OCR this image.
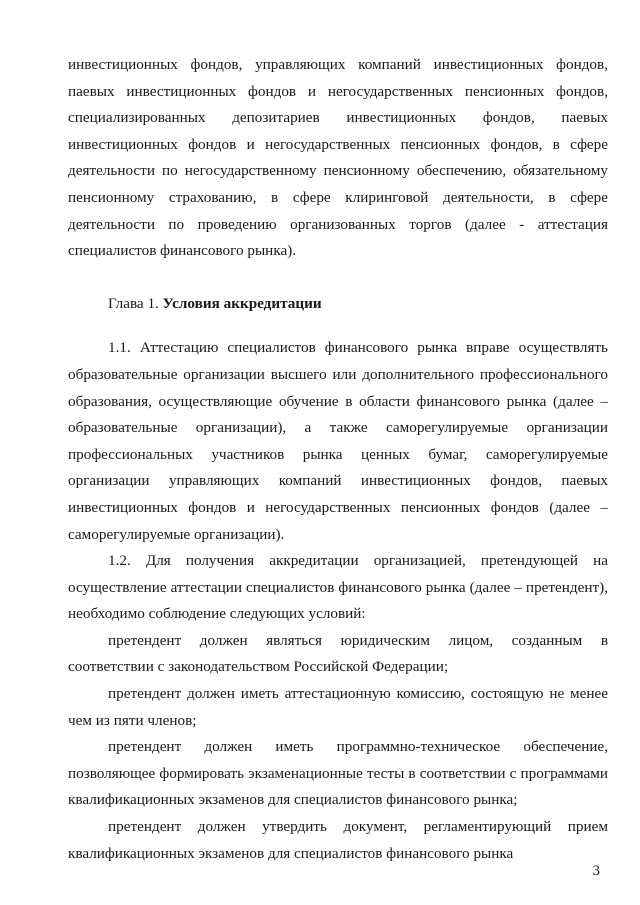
инвестиционных фондов, управляющих компаний инвестиционных фондов, паевых инвестиционных фондов и негосударственных пенсионных фондов, специализированных депозитариев инвестиционных фондов, паевых инвестиционных фондов и негосударственных пенсионных фондов, в сфере деятельности по негосударственному пенсионному обеспечению, обязательному пенсионному страхованию, в сфере клиринговой деятельности, в сфере деятельности по проведению организованных торгов (далее - аттестация специалистов финансового рынка).

Глава 1. Условия аккредитации

1.1. Аттестацию специалистов финансового рынка вправе осуществлять образовательные организации высшего или дополнительного профессионального образования, осуществляющие обучение в области финансового рынка (далее – образовательные организации), а также саморегулируемые организации профессиональных участников рынка ценных бумаг, саморегулируемые организации управляющих компаний инвестиционных фондов, паевых инвестиционных фондов и негосударственных пенсионных фондов (далее – саморегулируемые организации).

1.2. Для получения аккредитации организацией, претендующей на осуществление аттестации специалистов финансового рынка (далее – претендент), необходимо соблюдение следующих условий:

претендент должен являться юридическим лицом, созданным в соответствии с законодательством Российской Федерации;

претендент должен иметь аттестационную комиссию, состоящую не менее чем из пяти членов;

претендент должен иметь программно-техническое обеспечение, позволяющее формировать экзаменационные тесты в соответствии с программами квалификационных экзаменов для специалистов финансового рынка;

претендент должен утвердить документ, регламентирующий прием квалификационных экзаменов для специалистов финансового рынка

3
